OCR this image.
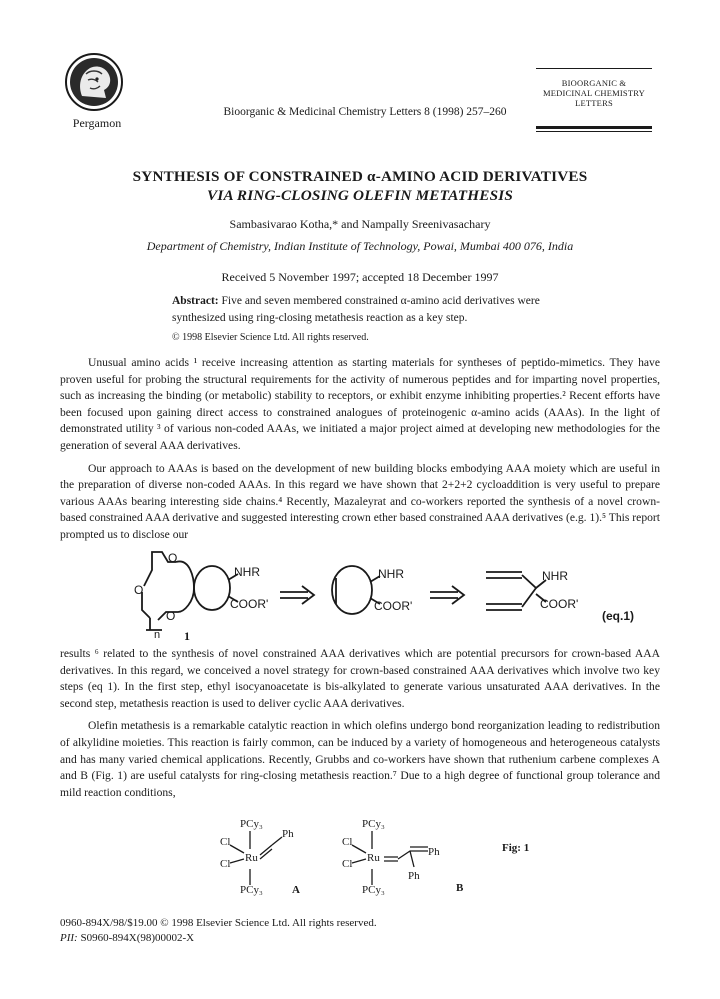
Pergamon
Bioorganic & Medicinal Chemistry Letters 8 (1998) 257–260
BIOORGANIC &
MEDICINAL CHEMISTRY
LETTERS
SYNTHESIS OF CONSTRAINED α-AMINO ACID DERIVATIVES
VIA RING-CLOSING OLEFIN METATHESIS
Sambasivarao Kotha,* and Nampally Sreenivasachary
Department of Chemistry, Indian Institute of Technology, Powai, Mumbai 400 076, India
Received 5 November 1997; accepted 18 December 1997
Abstract: Five and seven membered constrained α-amino acid derivatives were synthesized using ring-closing metathesis reaction as a key step.
© 1998 Elsevier Science Ltd. All rights reserved.

Unusual amino acids ¹ receive increasing attention as starting materials for syntheses of peptido-mimetics. They have proven useful for probing the structural requirements for the activity of numerous peptides and for imparting novel properties, such as increasing the binding (or metabolic) stability to receptors, or exhibit enzyme inhibiting properties.² Recent efforts have been focused upon gaining direct access to constrained analogues of proteinogenic α-amino acids (AAAs). In the light of demonstrated utility ³ of various non-coded AAAs, we initiated a major project aimed at developing new methodologies for the generation of several AAA derivatives.

Our approach to AAAs is based on the development of new building blocks embodying AAA moiety which are useful in the preparation of diverse non-coded AAAs. In this regard we have shown that 2+2+2 cycloaddition is very useful to prepare various AAAs bearing interesting side chains.⁴ Recently, Mazaleyrat and co-workers reported the synthesis of a novel crown-based constrained AAA derivative and suggested interesting crown ether based constrained AAA derivatives (e.g. 1).⁵ This report prompted us to disclose our

O
O
O
n
NHR
COOR'
NHR
COOR'
NHR
COOR'
(eq.1)
1

results ⁶ related to the synthesis of novel constrained AAA derivatives which are potential precursors for crown-based AAA derivatives. In this regard, we conceived a novel strategy for crown-based constrained AAA derivatives which involve two key steps (eq 1). In the first step, ethyl isocyanoacetate is bis-alkylated to generate various unsaturated AAA derivatives. In the second step, metathesis reaction is used to deliver cyclic AAA derivatives.

Olefin metathesis is a remarkable catalytic reaction in which olefins undergo bond reorganization leading to redistribution of alkylidine moieties. This reaction is fairly common, can be induced by a variety of homogeneous and heterogeneous catalysts and has many varied chemical applications. Recently, Grubbs and co-workers have shown that ruthenium carbene complexes A and B (Fig. 1) are useful catalysts for ring-closing metathesis reaction.⁷ Due to a high degree of functional group tolerance and mild reaction conditions,

PCy₃
Cl
Cl Ru
Ph
PCy₃	A
PCy₃
Cl
Cl Ru	Ph
Ph
PCy₃	B
Fig: 1
0960-894X/98/$19.00 © 1998 Elsevier Science Ltd. All rights reserved.
PII: S0960-894X(98)00002-X
